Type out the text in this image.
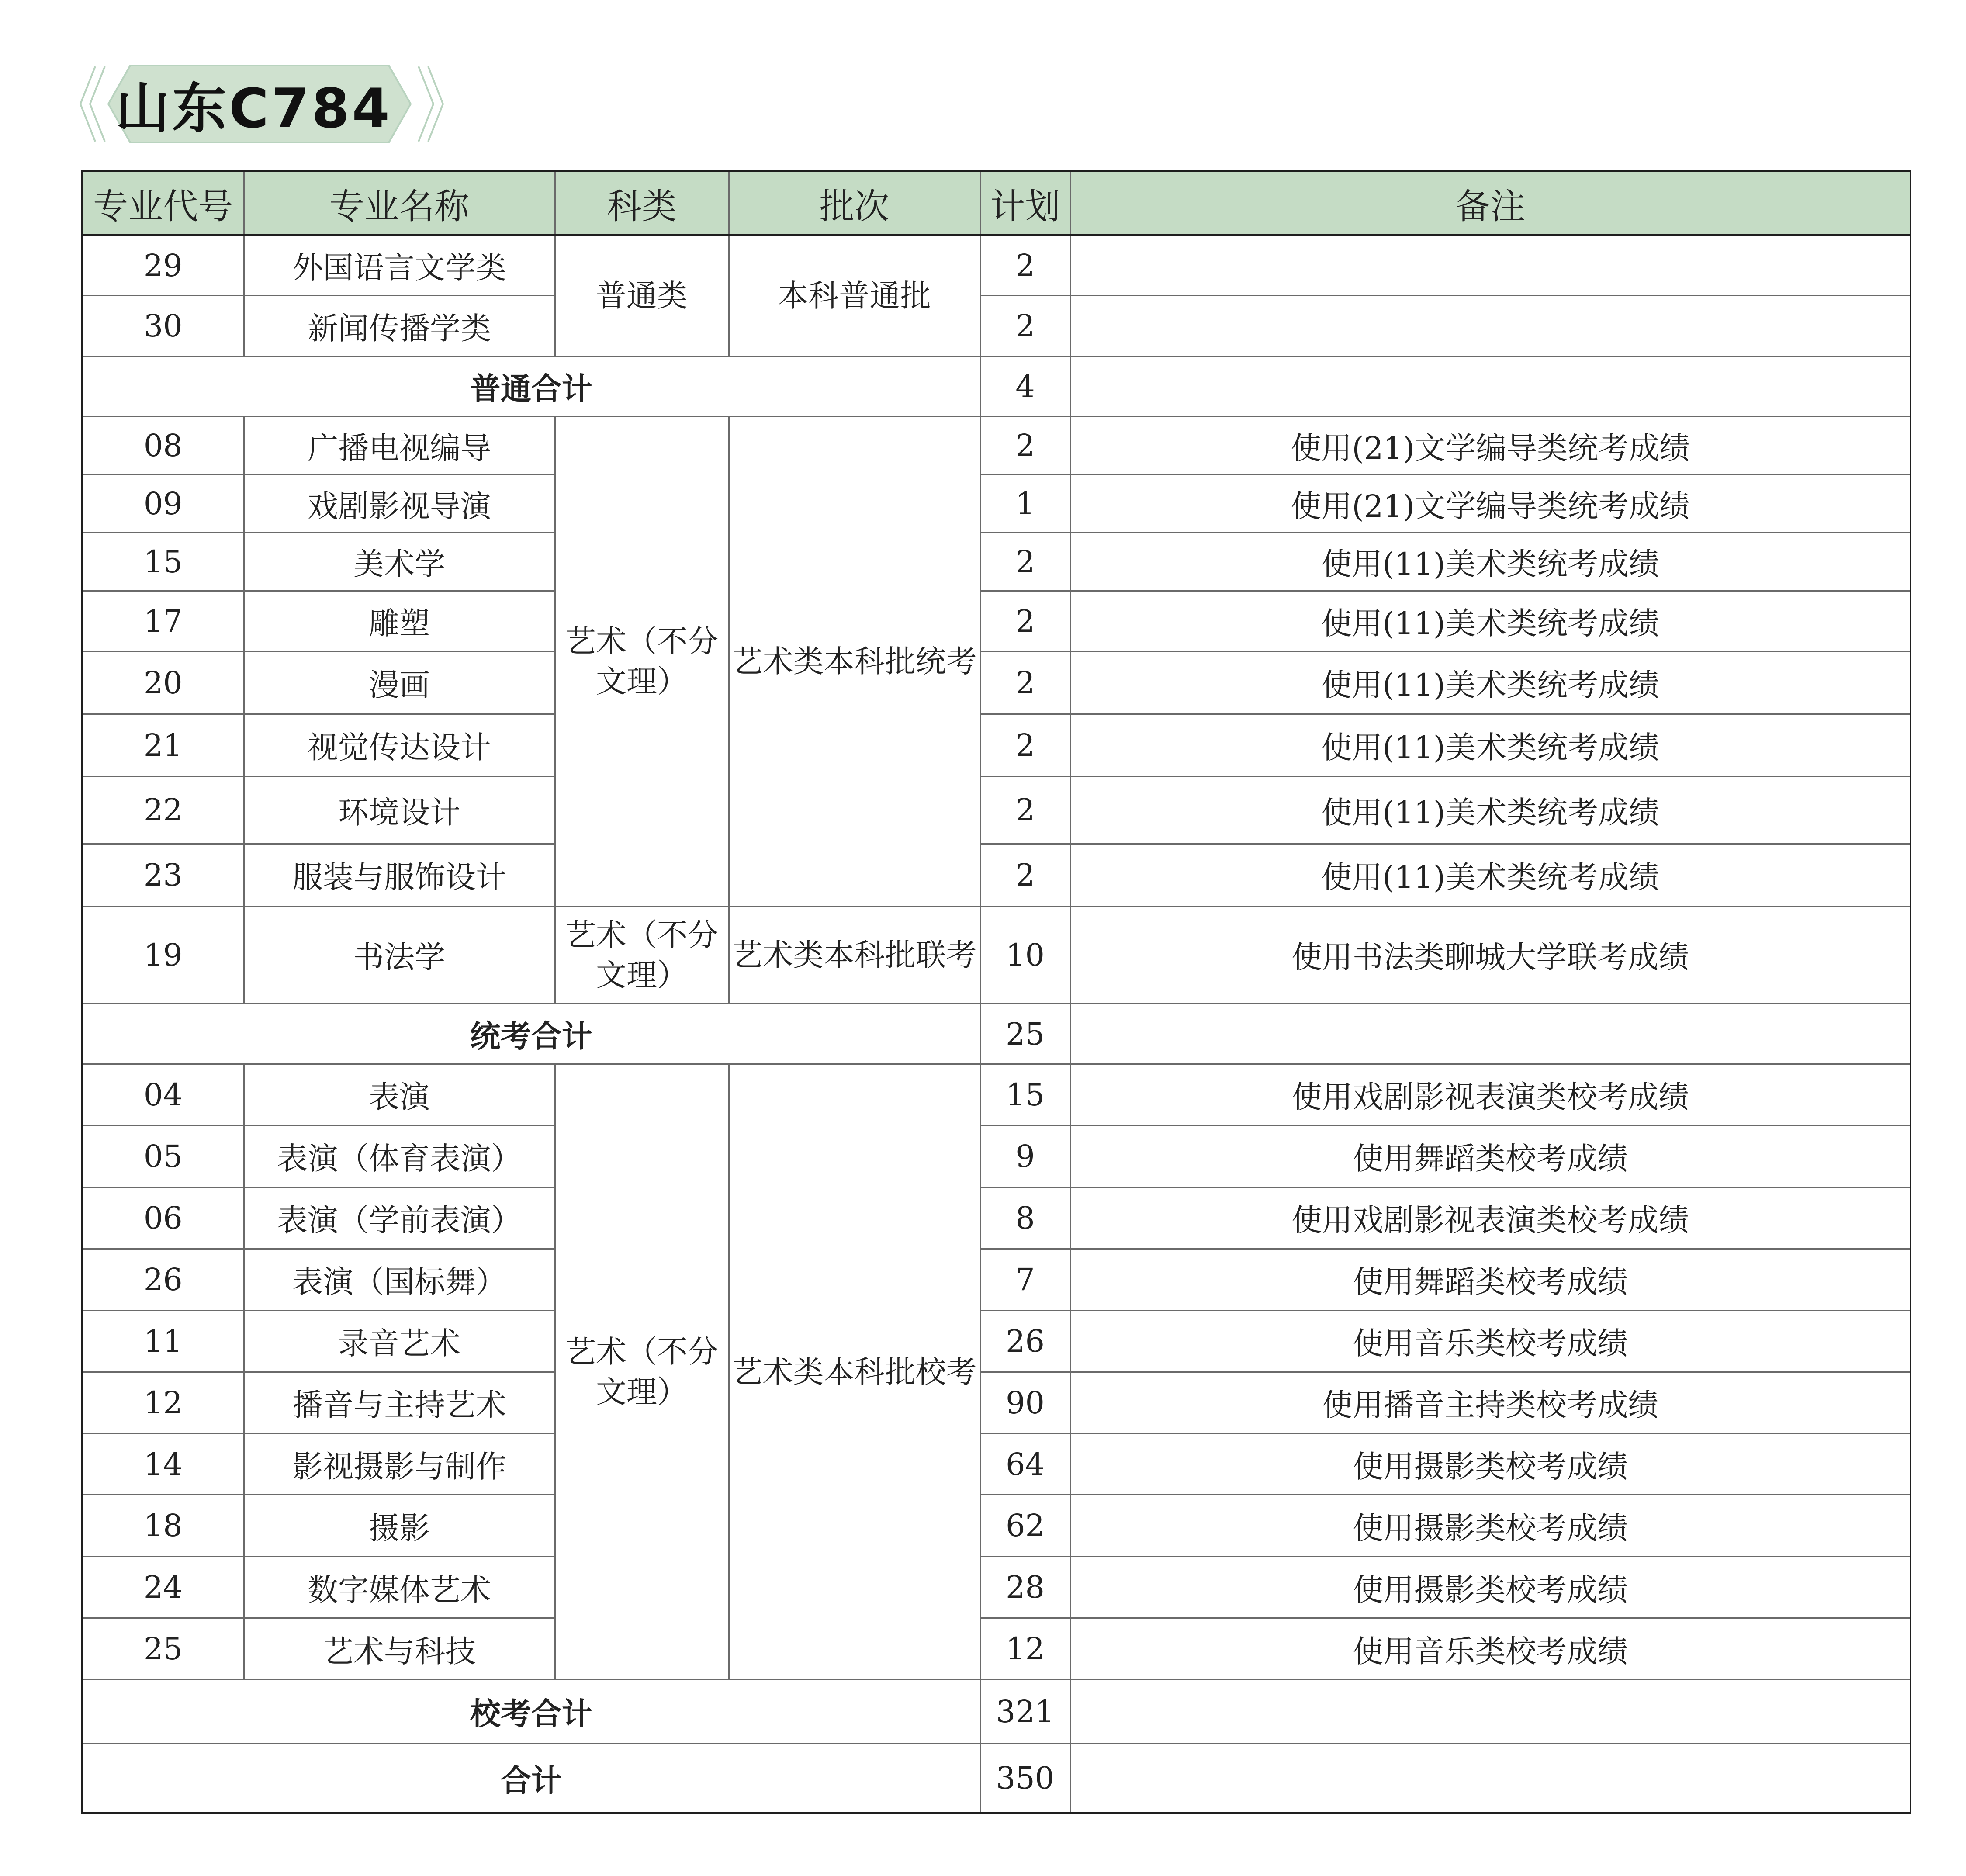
山东C784
专业代号	专业名称	科类	批次	计划	备注
29	外国语言文学类	普通类	本科普通批	2	
30	新闻传播学类			2	
普通合计				4	
08	广播电视编导	艺术（不分文理）	艺术类本科批统考	2	使用(21)文学编导类统考成绩
09	戏剧影视导演			1	使用(21)文学编导类统考成绩
15	美术学			2	使用(11)美术类统考成绩
17	雕塑			2	使用(11)美术类统考成绩
20	漫画			2	使用(11)美术类统考成绩
21	视觉传达设计			2	使用(11)美术类统考成绩
22	环境设计			2	使用(11)美术类统考成绩
23	服装与服饰设计			2	使用(11)美术类统考成绩
19	书法学	艺术（不分文理）	艺术类本科批联考	10	使用书法类聊城大学联考成绩
统考合计				25	
04	表演	艺术（不分文理）	艺术类本科批校考	15	使用戏剧影视表演类校考成绩
05	表演（体育表演）			9	使用舞蹈类校考成绩
06	表演（学前表演）			8	使用戏剧影视表演类校考成绩
26	表演（国标舞）			7	使用舞蹈类校考成绩
11	录音艺术			26	使用音乐类校考成绩
12	播音与主持艺术			90	使用播音主持类校考成绩
14	影视摄影与制作			64	使用摄影类校考成绩
18	摄影			62	使用摄影类校考成绩
24	数字媒体艺术			28	使用摄影类校考成绩
25	艺术与科技			12	使用音乐类校考成绩
校考合计				321	
合计				350	
